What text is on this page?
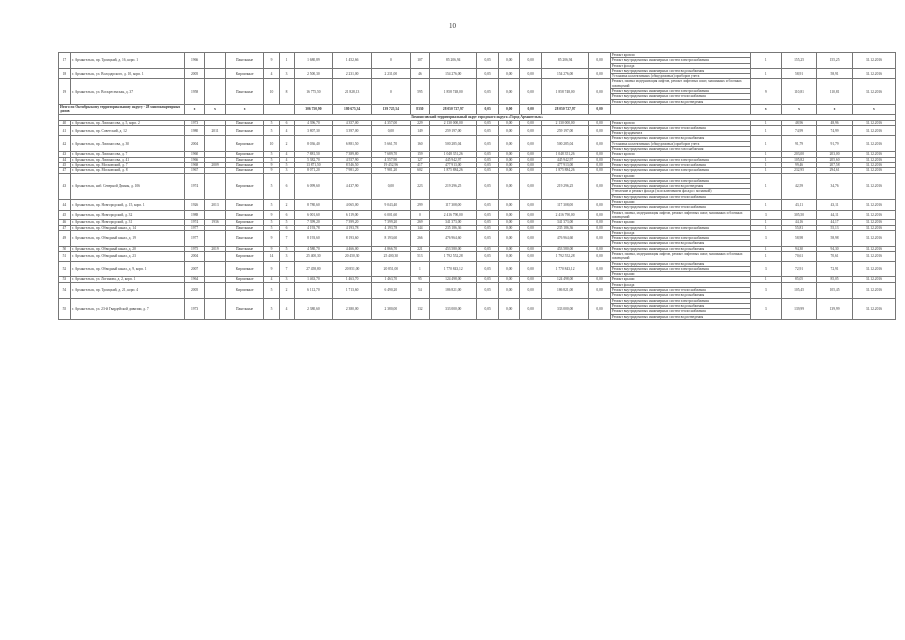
10
17	г. Архангельск, пр. Троицкий, д. 16, корп. 1	1966		Панельные	9	1	1 680,89	1 452,66	0	107	85 206,94	0,05	0,00	0,00	85 206,94	0,00	Ремонт кровли	1	155,25	155,25	31.12.2016
																	Ремонт внутридомовых инженерных систем электроснабжения				
																	Ремонт фасада				
18	г. Архангельск, ул. Володарского, д. 10, корп. 1	2005		Кирпичные	4	3	2 500,30	2 231,00	2 231,00	46	154 276,00	0,05	0,00	0,00	154 276,00	0,00	Ремонт внутридомовых инженерных систем водоснабжения	1	58,91	58,91	31.12.2016
																	Установка коллективных (общедомовых) приборов учета				
19	г. Архангельск, ул. Воскресенская, д. 37	1958		Панельные	10	8	16 775,50	21 828,13	0	595	1 858 748,00	0,05	0,00	0,00	1 858 748,00	0,00	Ремонт, замена модернизация лифтов, ремонт лифтовых шахт, машинных и блочных помещений	9	110,81	110,81	31.12.2016
																	Ремонт внутридомовых инженерных систем электроснабжения				
																	Ремонт внутридомовых инженерных систем теплоснабжения				
																	Ремонт внутридомовых инженерных систем водоотведения				
Итого по Октябрьскому территориальному округу - 28 многоквартирных домов		x	x	x			306 750,90	180 675,34	139 725,54	8330	28 050 727,97	0,05	0,00	0,00	28 050 727,97	0,00		x	x	x	x
Ломоносовский территориальный округ городского округа «Город Архангельск»																					
40	г. Архангельск, пр. Ломоносова, д. 5, корп. 2	1973		Панельные	5	6	4 396,70	4 357,00	4 357,00	229	2 130 000,00	0,05	0,00	0,00	2 130 000,00	0,00	Ремонт кровли	1	48,96	48,96	31.12.2016
41	г. Архангельск, пр. Советский, д. 12	1980	2011	Панельные	5	4	3 807,30	3 397,00	0,00	149	259 197,00	0,05	0,00	0,00	259 197,00	0,00	Ремонт внутридомовых инженерных систем теплоснабжения	1	74,99	74,99	31.12.2016
																	Ремонт фундамента				
42	г. Архангельск, пр. Ломоносова, д. 30	2004		Кирпичные	10	2	8 036,40	6 881,50	5 661,70	160	500 285,04	0,05	0,00	0,00	500 285,04	0,00	Ремонт внутридомовых инженерных систем водоснабжения	1	91,79	91,79	31.12.2016
																	Установка коллективных (общедомовых) приборов учета				
																	Ремонт внутридомовых инженерных систем газоснабжения				
43	г. Архангельск, пр. Ломоносова, д. 7	1960		Кирпичные	5	4	7 881,50	7 389,80	7 689,70	159	1 048 351,26	0,05	0,00	0,00	1 048 351,26	0,00	Ремонт кровли	1	203,00	203,00	31.12.2016
44	г. Архангельск, пр. Ломоносова, д. 41	1966		Панельные	5	4	5 382,70	4 557,90	4 557,90	127	445 942,97	0,05	0,00	0,00	445 942,97	0,00	Ремонт внутридомовых инженерных систем электроснабжения	1	105,82	205,60	31.12.2016
45	г. Архангельск, пр. Московский, д. 7	1968	2009	Панельные	9	5	13 871,50	8 546,50	19 452,96	417	477 913,00	0,05	0,00	0,00	477 913,00	0,00	Ремонт внутридомовых инженерных систем теплоснабжения	1	99,46	207,58	31.12.2016
47	г. Архангельск, пр. Московский, д. 8	1967		Панельные	9	3	8 071,20	7 981,20	7 981,20	602	1 875 884,26	0,05	0,00	0,00	1 875 884,26	0,00	Ремонт внутридомовых инженерных систем электроснабжения	1	232,95	294,61	31.12.2016
43	г. Архангельск, наб. Северной Двины, д. 106	1974		Кирпичные	5	6	6 099,60	4 437,90	0,00	223	219 296,25	0,05	0,00	0,00	219 296,25	0,00	Ремонт крыши	1	42,59	34,76	31.12.2016
																	Ремонт внутридомовых инженерных систем электроснабжения				
																	Ремонт внутридомовых инженерных систем водоотведения				
																	Утепление и ремонт фасада (за исключением фасада с мозаикой)				
																	Ремонт внутридомовых инженерных систем теплоснабжения				
44	г. Архангельск, пр. Новгородский, д. 15, корп. 1	1926	2013	Панельные	5	2	8 780,60	4 065,00	9 043,40	299	117 308,00	0,05	0,00	0,00	117 308,00	0,00	Ремонт крыши	1	43,11	43,11	31.12.2016
																	Ремонт внутридомовых инженерных систем теплоснабжения				
45	г. Архангельск, пр. Новгородский, д. 32	1988		Панельные	9	6	6 001,60	6 119,00	6 001,60	0	2 416 790,00	0,05	0,00	0,00	2 416 790,00	0,00	Ремонт, замена, модернизация лифтов, ремонт лифтовых шахт, машинных и блочных помещений	3	305,50	44,11	31.12.2016
46	г. Архангельск, пр. Новгородский, д. 31	1974	1936	Кирпичные	5	5	7 399,20	7 399,20	7 399,20	269	341 373,00	0,05	0,00	0,00	341 373,00	0,00	Ремонт крыши	1	44,16	44,17	31.12.2016
47	г. Архангельск, пр. Обводный канал, д. 14	1977		Панельные	5	6	4 193,78	4 193,78	4 193,78	144	235 186,36	0,05	0,00	0,00	235 186,36	0,00	Ремонт внутридомовых инженерных систем электроснабжения	1	55,81	55,13	31.12.2016
49	г. Архангельск, пр. Обводный канал, д. 19	1977		Панельные	9	7	8 193,60	8 193,60	8 193,60	266	476 964,60	0,05	0,00	0,00	476 964,60	0,00	Ремонт фасада	3	58,98	58,98	31.12.2016
																	Ремонт внутридомовых инженерных систем электроснабжения				
																	Ремонт внутридомовых инженерных систем водоснабжения				
50	г. Архангельск, пр. Обводный канал, д. 20	1975	2019	Панельные	9	5	4 580,70	4 466,00	4 866,70	221	453 580,00	0,05	0,00	0,00	453 580,00	0,00	Ремонт внутридомовых инженерных систем водоснабжения	1	94,30	94,30	31.12.2016
51	г. Архангельск, пр. Обводный канал, д. 23	2004		Кирпичные	14	3	25 400,30	20 450,30	25 400,30	513	1 792 552,28	0,05	0,00	0,00	1 792 552,28	0,00	Ремонт, замена, модернизация лифтов, ремонт лифтовых шахт, машинных и блочных помещений	1	70,61	70,61	31.12.2016
52	г. Архангельск, пр. Обводный канал, д. 9, корп. 1	2007		Кирпичные	9	7	27 458,80	20 851,00	20 851,00	1	1 770 843,12	0,05	0,00	0,00	1 770 843,12	0,00	Ремонт внутридомовых инженерных систем водоснабжения	3	72,91	72,91	31.12.2016
																	Ремонт внутридомовых инженерных систем электроснабжения				
																	Ремонт крыши				
53	г. Архангельск, ул. Логинова, д. 2, корп. 1	1964		Кирпичные	4	3	1 463,70	1 463,70	1 463,70	95	124 498,00	0,05	0,00	0,00	124 498,00	0,00	Ремонт крыши	1	85,05	85,05	31.12.2016
54	г. Архангельск, пр. Троицкий, д. 21, корп. 4	2005		Кирпичные	5	2	6 112,70	1 713,60	6 490,20	54	186 821,00	0,05	0,00	0,00	186 821,00	0,00	Ремонт фасада	3	105,45	105,45	31.12.2016
																	Ремонт внутридомовых инженерных систем теплоснабжения				
																	Ремонт внутридомовых инженерных систем водоснабжения				
55	г. Архангельск, ул. 23-й Гвардейской дивизии, д. 7	1973		Панельные	5	4	2 380,60	2 380,00	2 380,00	132	333 000,00	0,05	0,00	0,00	333 000,00	0,00	Ремонт внутридомовых инженерных систем электроснабжения	3	139,99	139,99	31.12.2016
																	Ремонт внутридомовых инженерных систем водоснабжения				
																	Ремонт внутридомовых инженерных систем теплоснабжения				
																	Ремонт внутридомовых инженерных систем водоотведения				
